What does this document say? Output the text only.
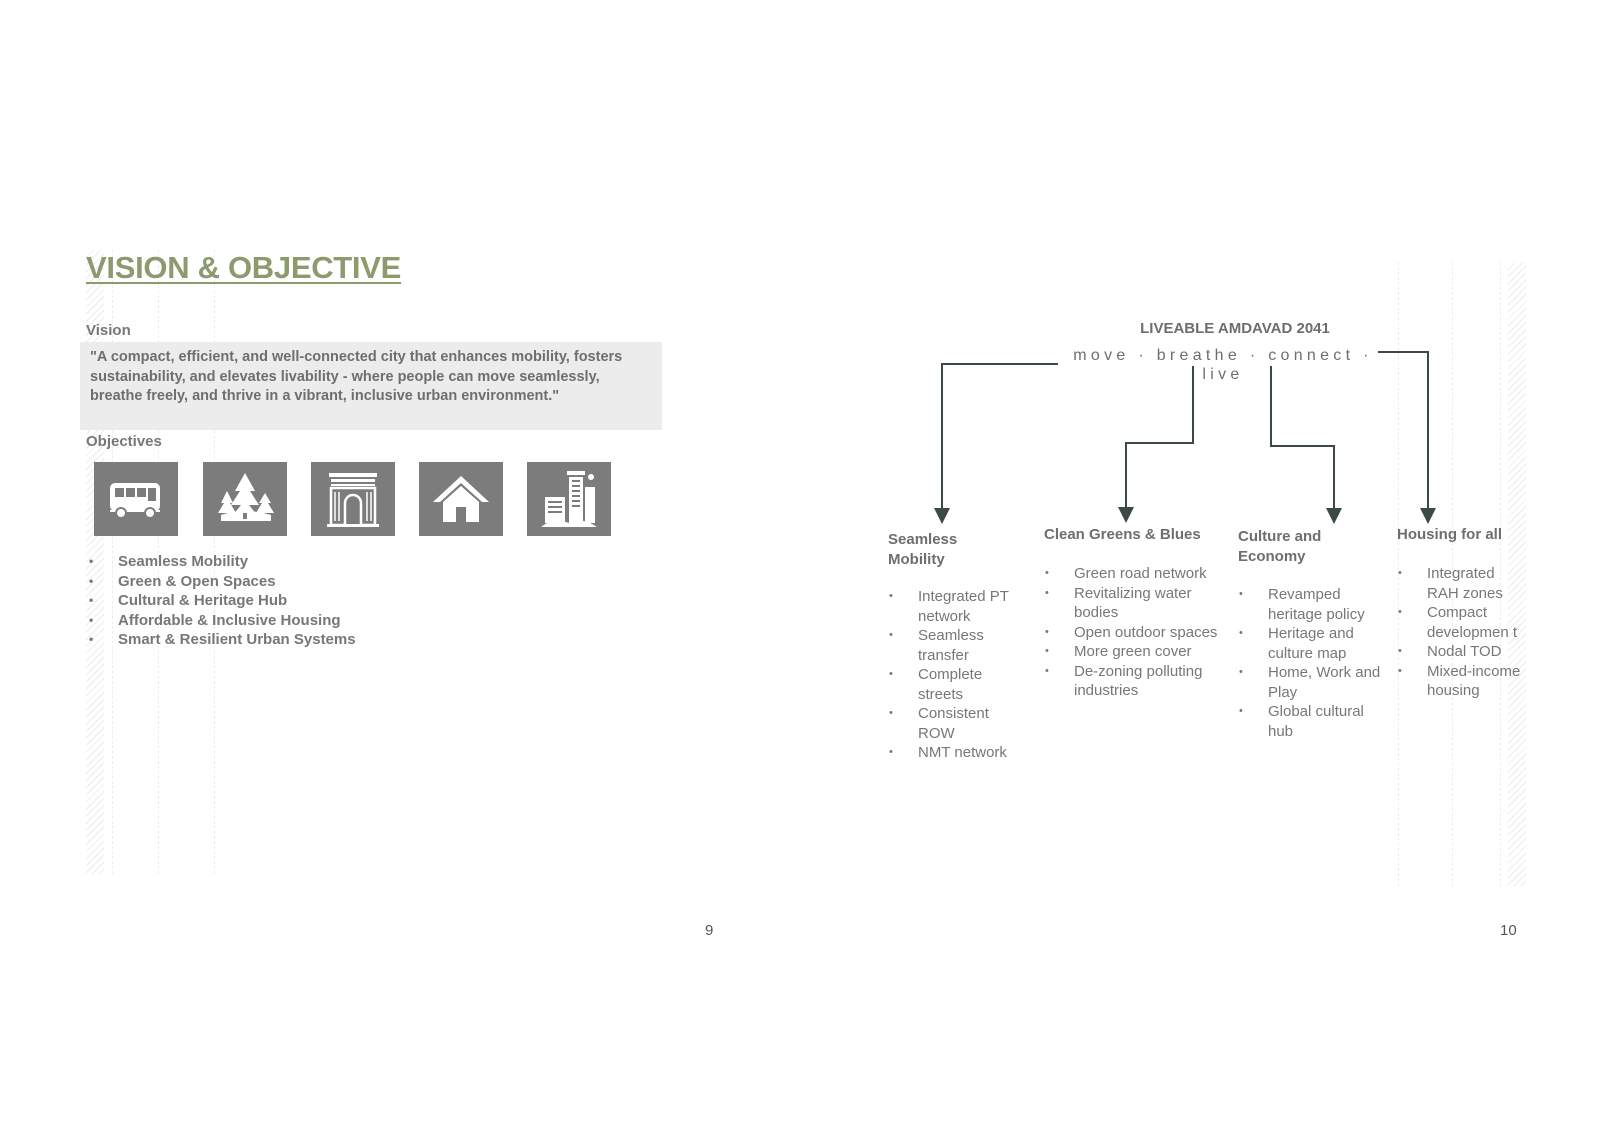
VISION & OBJECTIVE
Vision
"A compact, efficient, and well-connected city that enhances mobility, fosters sustainability, and elevates livability - where people can move seamlessly, breathe freely, and thrive in a vibrant, inclusive urban environment."
Objectives
• Seamless Mobility
• Green & Open Spaces
• Cultural & Heritage Hub
• Affordable & Inclusive Housing
• Smart & Resilient Urban Systems
9
LIVEABLE AMDAVAD 2041
move · breathe · connect · live
Seamless Mobility
• Integrated PT network
• Seamless transfer
• Complete streets
• Consistent ROW
• NMT network
Clean Greens & Blues
• Green road network
• Revitalizing water bodies
• Open outdoor spaces
• More green cover
• De-zoning polluting industries
Culture and Economy
• Revamped heritage policy
• Heritage and culture map
• Home, Work and Play
• Global cultural hub
Housing for all
• Integrated RAH zones
• Compact developmen t
• Nodal TOD
• Mixed-income housing
10
